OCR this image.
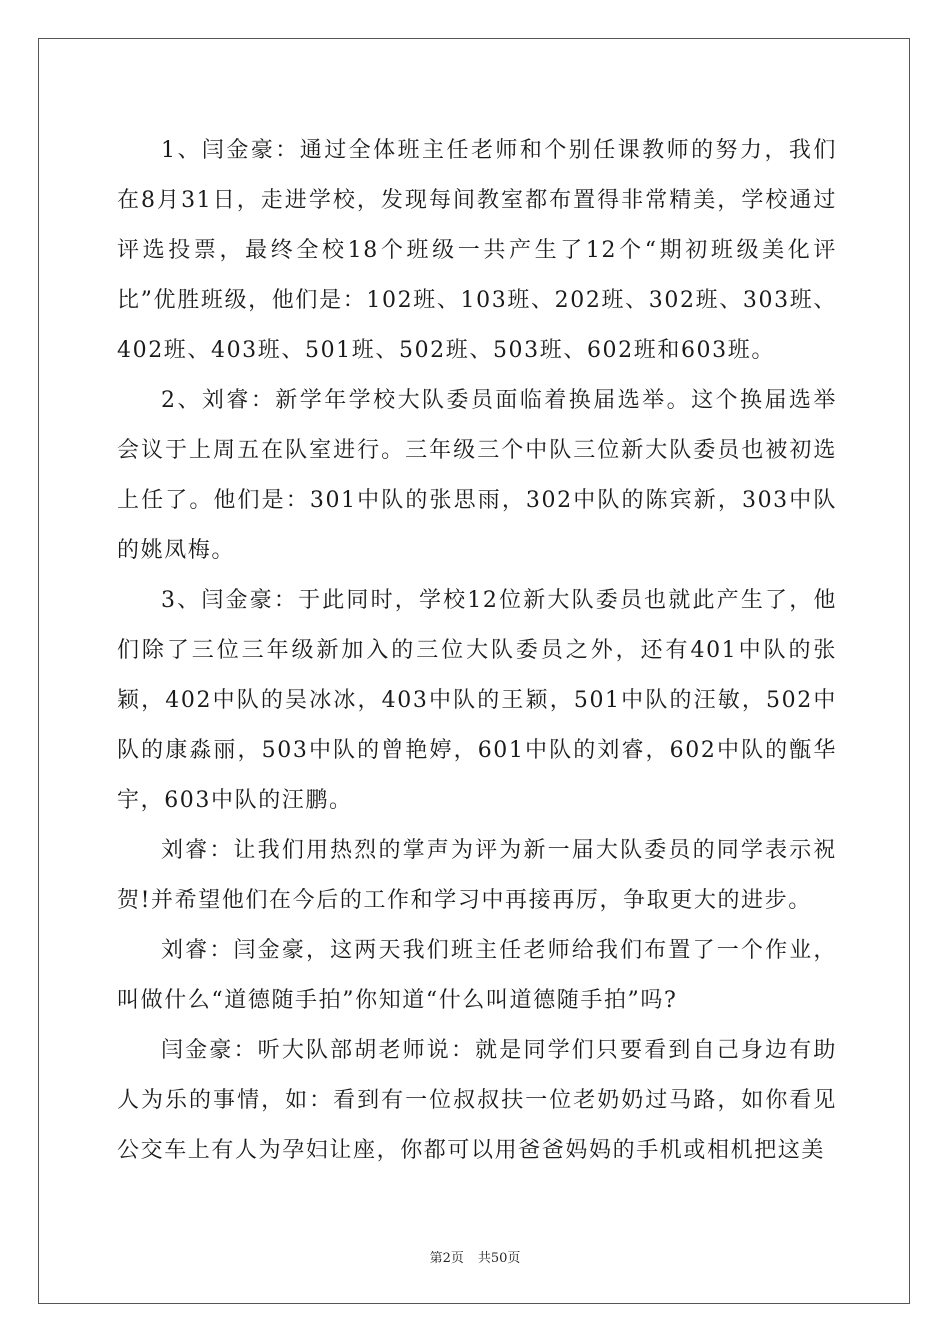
1、闫金豪：通过全体班主任老师和个别任课教师的努力，我们在8月31日，走进学校，发现每间教室都布置得非常精美，学校通过评选投票，最终全校18个班级一共产生了12个“期初班级美化评比”优胜班级，他们是：102班、103班、202班、302班、303班、402班、403班、501班、502班、503班、602班和603班。

2、刘睿：新学年学校大队委员面临着换届选举。这个换届选举会议于上周五在队室进行。三年级三个中队三位新大队委员也被初选上任了。他们是：301中队的张思雨，302中队的陈宾新，303中队的姚凤梅。

3、闫金豪：于此同时，学校12位新大队委员也就此产生了，他们除了三位三年级新加入的三位大队委员之外，还有401中队的张颖，402中队的吴冰冰，403中队的王颖，501中队的汪敏，502中队的康淼丽，503中队的曾艳婷，601中队的刘睿，602中队的甑华宇，603中队的汪鹏。

刘睿：让我们用热烈的掌声为评为新一届大队委员的同学表示祝贺!并希望他们在今后的工作和学习中再接再厉，争取更大的进步。

刘睿：闫金豪，这两天我们班主任老师给我们布置了一个作业，叫做什么“道德随手拍”你知道“什么叫道德随手拍”吗?

闫金豪：听大队部胡老师说：就是同学们只要看到自己身边有助人为乐的事情，如：看到有一位叔叔扶一位老奶奶过马路，如你看见公交车上有人为孕妇让座，你都可以用爸爸妈妈的手机或相机把这美

第2页 共50页
